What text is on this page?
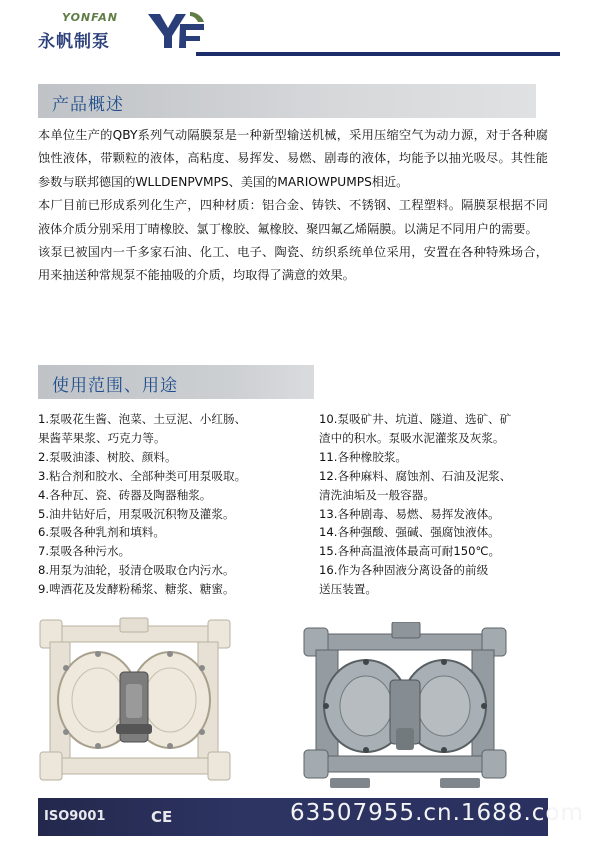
YONFAN
永帆制泵
产品概述

本单位生产的QBY系列气动隔膜泵是一种新型输送机械，采用压缩空气为动力源，对于各种腐蚀性液体，带颗粒的液体，高粘度、易挥发、易燃、剧毒的液体，均能予以抽光吸尽。其性能参数与联邦德国的WLLDENPVMPS、美国的MARIOWPUMPS相近。

本厂目前已形成系列化生产，四种材质：铝合金、铸铁、不锈钢、工程塑料。隔膜泵根据不同液体介质分别采用丁晴橡胶、氯丁橡胶、氟橡胶、聚四氟乙烯隔膜。以满足不同用户的需要。

该泵已被国内一千多家石油、化工、电子、陶瓷、纺织系统单位采用，安置在各种特殊场合，用来抽送种常规泵不能抽吸的介质，均取得了满意的效果。

使用范围、用途
1.泵吸花生酱、泡菜、土豆泥、小红肠、
果酱苹果浆、巧克力等。
2.泵吸油漆、树胶、颜料。
3.粘合剂和胶水、全部种类可用泵吸取。
4.各种瓦、瓷、砖器及陶器釉浆。
5.油井钻好后，用泵吸沉积物及灌浆。
6.泵吸各种乳剂和填料。
7.泵吸各种污水。
8.用泵为油轮，驳清仓吸取仓内污水。
9.啤酒花及发酵粉稀浆、糖浆、糖蜜。
10.泵吸矿井、坑道、隧道、选矿、矿
渣中的积水。泵吸水泥灌浆及灰浆。
11.各种橡胶浆。
12.各种麻料、腐蚀剂、石油及泥浆、
清洗油垢及一般容器。
13.各种剧毒、易燃、易挥发液体。
14.各种强酸、强碱、强腐蚀液体。
15.各种高温液体最高可耐150℃。
16.作为各种固液分离设备的前级
送压装置。
ISO9001	CE	63507955.cn.1688.com
